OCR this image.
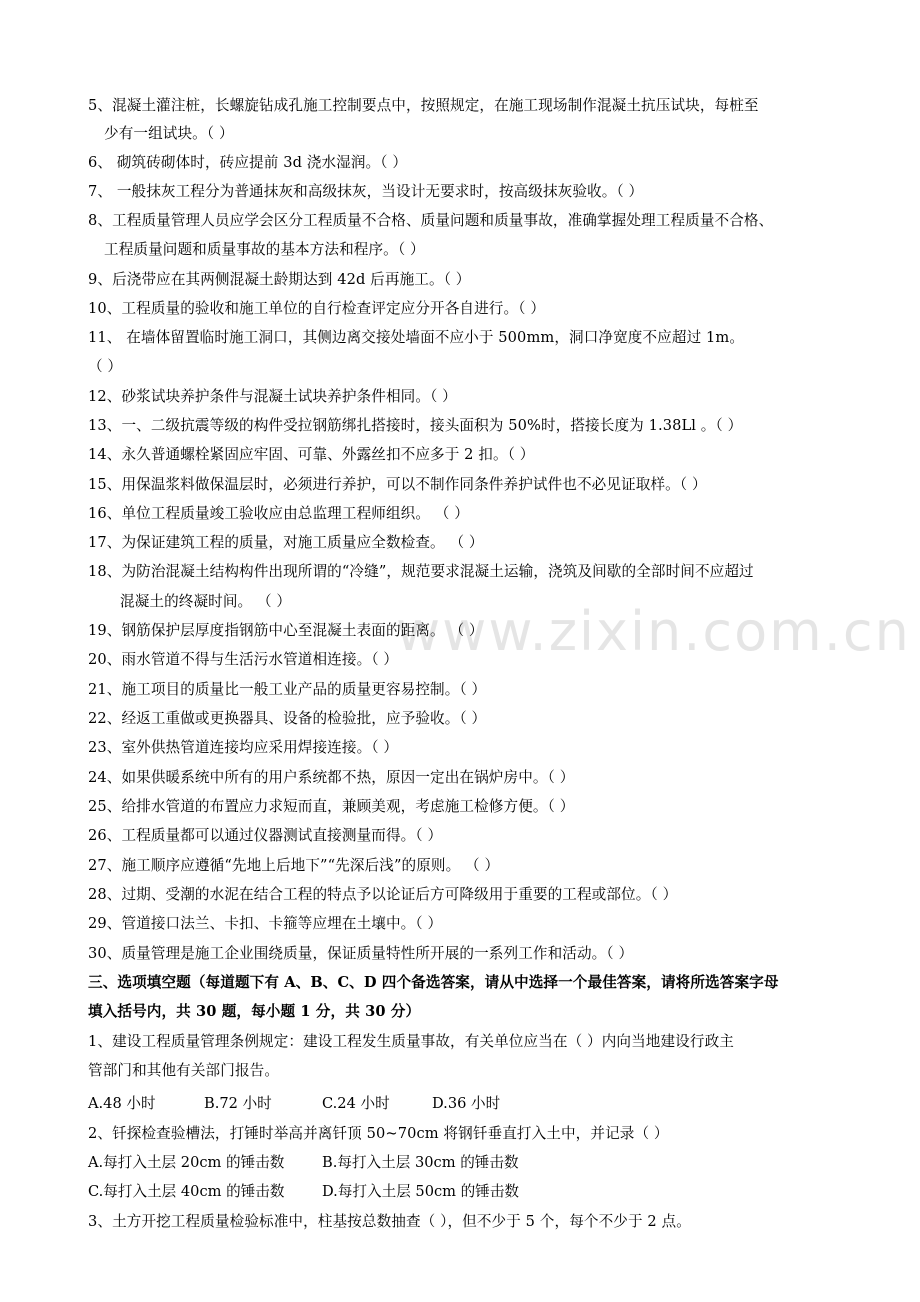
www.zixin.com.cn
5、混凝土灌注桩，长螺旋钻成孔施工控制要点中，按照规定，在施工现场制作混凝土抗压试块，每桩至
少有一组试块。（ ）
6、 砌筑砖砌体时，砖应提前 3d 浇水湿润。（ ）
7、 一般抹灰工程分为普通抹灰和高级抹灰，当设计无要求时，按高级抹灰验收。（ ）
8、工程质量管理人员应学会区分工程质量不合格、质量问题和质量事故，准确掌握处理工程质量不合格、
工程质量问题和质量事故的基本方法和程序。（ ）
9、后浇带应在其两侧混凝土龄期达到 42d 后再施工。（ ）
10、工程质量的验收和施工单位的自行检查评定应分开各自进行。（ ）
11、 在墙体留置临时施工洞口，其侧边离交接处墙面不应小于 500mm，洞口净宽度不应超过 1m。
（ ）
12、砂浆试块养护条件与混凝土试块养护条件相同。（ ）
13、一、二级抗震等级的构件受拉钢筋绑扎搭接时，接头面积为 50%时，搭接长度为 1.38Ll 。（ ）
14、永久普通螺栓紧固应牢固、可靠、外露丝扣不应多于 2 扣。（ ）
15、用保温浆料做保温层时，必须进行养护，可以不制作同条件养护试件也不必见证取样。（ ）
16、单位工程质量竣工验收应由总监理工程师组织。 （ ）
17、为保证建筑工程的质量，对施工质量应全数检查。 （ ）
18、为防治混凝土结构构件出现所谓的“冷缝”，规范要求混凝土运输，浇筑及间歇的全部时间不应超过
混凝土的终凝时间。 （ ）
19、钢筋保护层厚度指钢筋中心至混凝土表面的距离。 （ ）
20、雨水管道不得与生活污水管道相连接。（ ）
21、施工项目的质量比一般工业产品的质量更容易控制。（ ）
22、经返工重做或更换器具、设备的检验批，应予验收。（ ）
23、室外供热管道连接均应采用焊接连接。（ ）
24、如果供暖系统中所有的用户系统都不热，原因一定出在锅炉房中。（ ）
25、给排水管道的布置应力求短而直，兼顾美观，考虑施工检修方便。（ ）
26、工程质量都可以通过仪器测试直接测量而得。（ ）
27、施工顺序应遵循“先地上后地下”“先深后浅”的原则。 （ ）
28、过期、受潮的水泥在结合工程的特点予以论证后方可降级用于重要的工程或部位。（ ）
29、管道接口法兰、卡扣、卡箍等应埋在土壤中。（ ）
30、质量管理是施工企业围绕质量，保证质量特性所开展的一系列工作和活动。（ ）
三、选项填空题（每道题下有 A、B、C、D 四个备选答案，请从中选择一个最佳答案，请将所选答案字母
填入括号内，共 30 题，每小题 1 分，共 30 分）
1、建设工程质量管理条例规定：建设工程发生质量事故，有关单位应当在（ ）内向当地建设行政主
管部门和其他有关部门报告。
2、钎探检查验槽法，打锤时举高并离钎顶 50~70cm 将钢钎垂直打入土中，并记录（ ）
3、土方开挖工程质量检验标准中，柱基按总数抽查（ ），但不少于 5 个，每个不少于 2 点。
A.48 小时	B.72 小时	C.24 小时	D.36 小时
A.每打入土层 20cm 的锤击数	B.每打入土层 30cm 的锤击数
C.每打入土层 40cm 的锤击数	D.每打入土层 50cm 的锤击数
